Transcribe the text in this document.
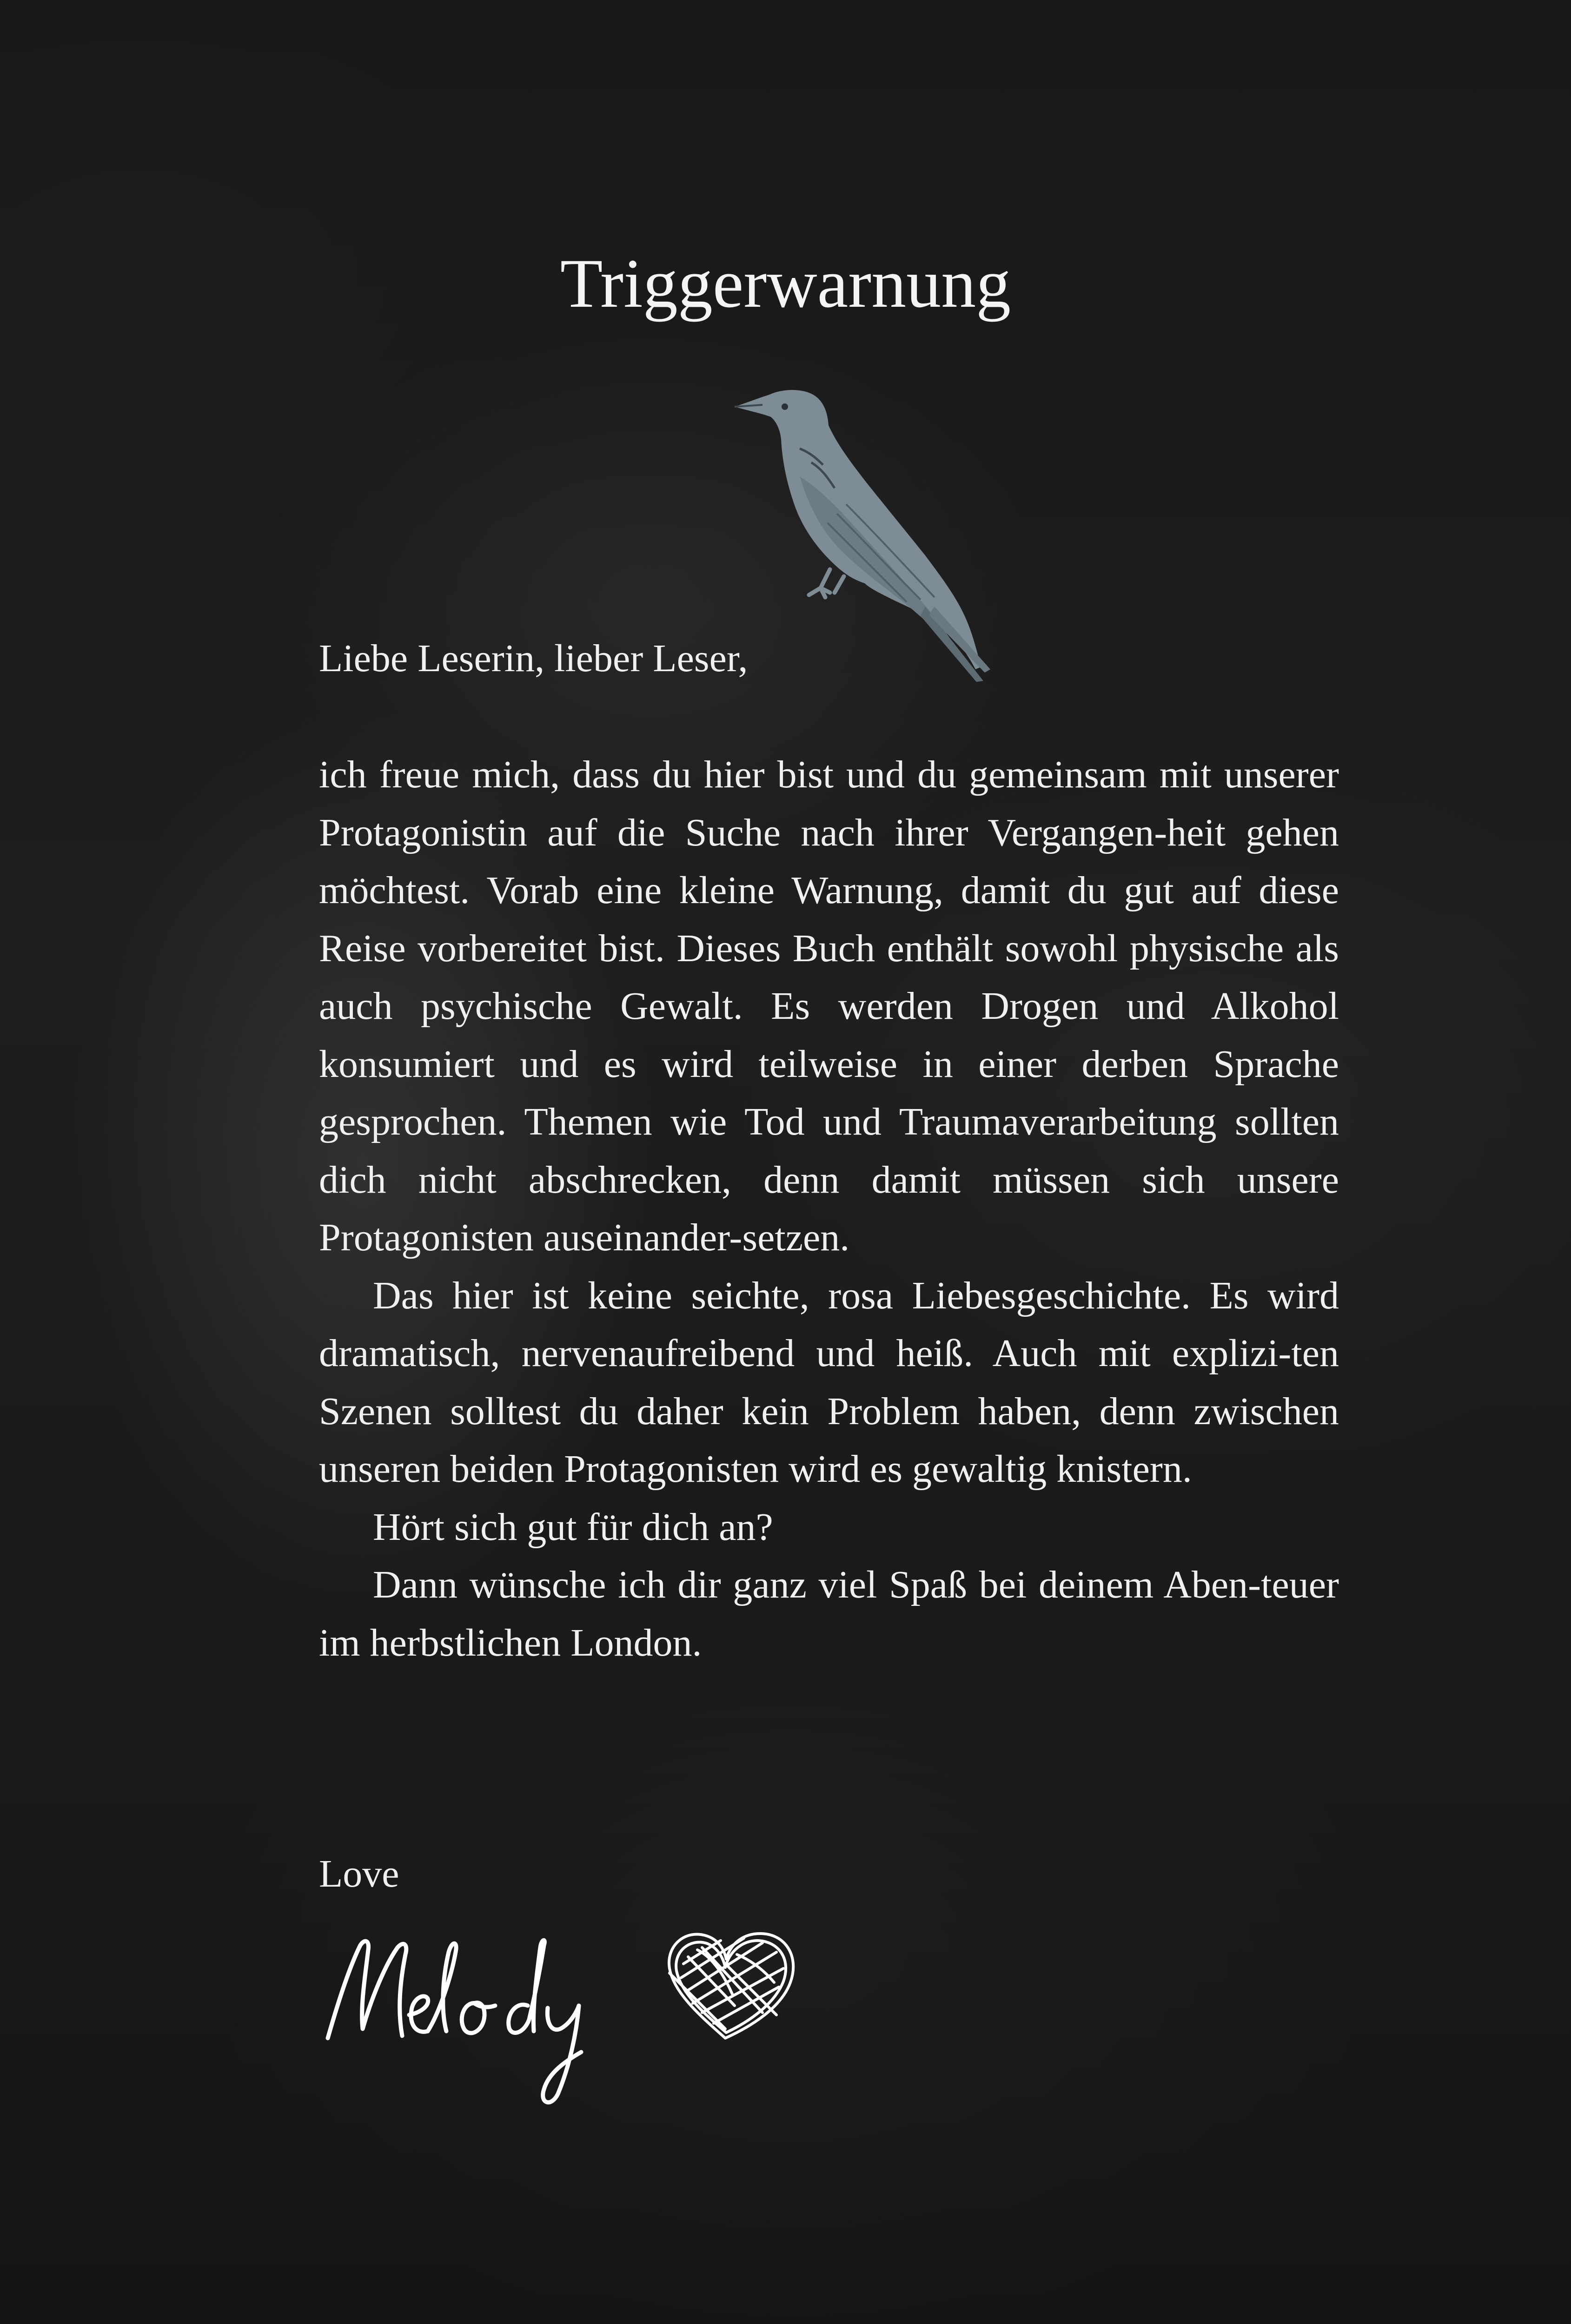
Triggerwarnung
Liebe Leserin, lieber Leser,

ich freue mich, dass du hier bist und du gemeinsam mit unserer Protagonistin auf die Suche nach ihrer Vergangen-heit gehen möchtest. Vorab eine kleine Warnung, damit du gut auf diese Reise vorbereitet bist. Dieses Buch enthält sowohl physische als auch psychische Gewalt. Es werden Drogen und Alkohol konsumiert und es wird teilweise in einer derben Sprache gesprochen. Themen wie Tod und Traumaverarbeitung sollten dich nicht abschrecken, denn damit müssen sich unsere Protagonisten auseinander-setzen.

Das hier ist keine seichte, rosa Liebesgeschichte. Es wird dramatisch, nervenaufreibend und heiß. Auch mit explizi-ten Szenen solltest du daher kein Problem haben, denn zwischen unseren beiden Protagonisten wird es gewaltig knistern.

Hört sich gut für dich an?

Dann wünsche ich dir ganz viel Spaß bei deinem Aben-teuer im herbstlichen London.

Love
